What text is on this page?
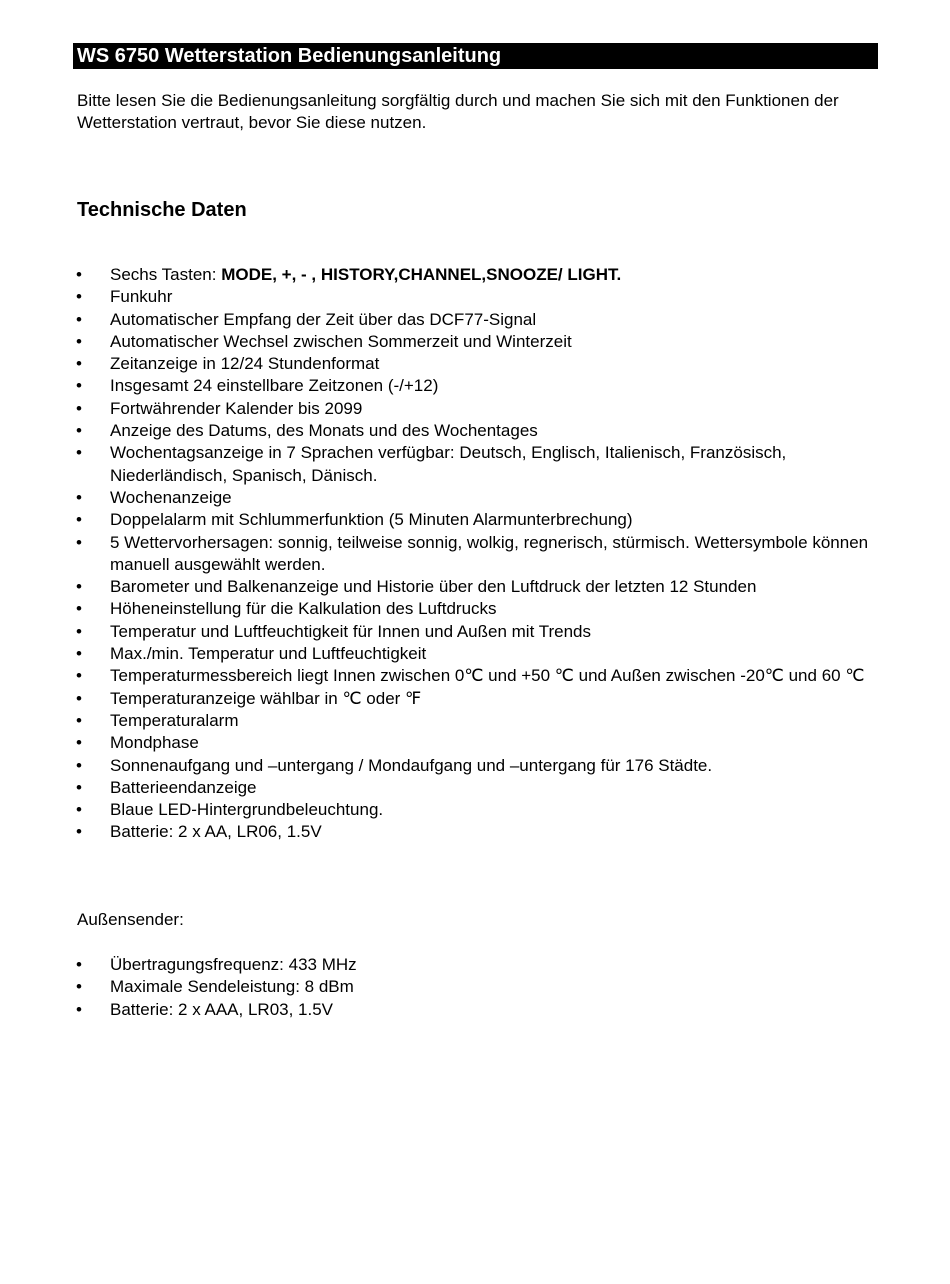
WS 6750 Wetterstation Bedienungsanleitung

Bitte lesen Sie die Bedienungsanleitung sorgfältig durch und machen Sie sich mit den Funktionen der Wetterstation vertraut, bevor Sie diese nutzen.

Technische Daten
•	Sechs Tasten: MODE, +, - , HISTORY,CHANNEL,SNOOZE/ LIGHT.
•	Funkuhr
•	Automatischer Empfang der Zeit über das DCF77-Signal
•	Automatischer Wechsel zwischen Sommerzeit und Winterzeit
•	Zeitanzeige in 12/24 Stundenformat
•	Insgesamt 24 einstellbare Zeitzonen (-/+12)
•	Fortwährender Kalender bis 2099
•	Anzeige des Datums, des Monats und des Wochentages
•	Wochentagsanzeige in 7 Sprachen verfügbar: Deutsch, Englisch, Italienisch, Französisch, Niederländisch, Spanisch, Dänisch.
•	Wochenanzeige
•	Doppelalarm mit Schlummerfunktion (5 Minuten Alarmunterbrechung)
•	5 Wettervorhersagen: sonnig, teilweise sonnig, wolkig, regnerisch, stürmisch. Wettersymbole können manuell ausgewählt werden.
•	Barometer und Balkenanzeige und Historie über den Luftdruck der letzten 12 Stunden
•	Höheneinstellung für die Kalkulation des Luftdrucks
•	Temperatur und Luftfeuchtigkeit für Innen und Außen mit Trends
•	Max./min. Temperatur und Luftfeuchtigkeit
•	Temperaturmessbereich liegt Innen zwischen 0℃ und +50 ℃ und Außen zwischen -20℃ und 60 ℃
•	Temperaturanzeige wählbar in ℃ oder ℉
•	Temperaturalarm
•	Mondphase
•	Sonnenaufgang und –untergang / Mondaufgang und –untergang für 176 Städte.
•	Batterieendanzeige
•	Blaue LED-Hintergrundbeleuchtung.
•	Batterie: 2 x AA, LR06, 1.5V

Außensender:

•	Übertragungsfrequenz: 433 MHz
•	Maximale Sendeleistung: 8 dBm
•	Batterie: 2 x AAA, LR03, 1.5V
